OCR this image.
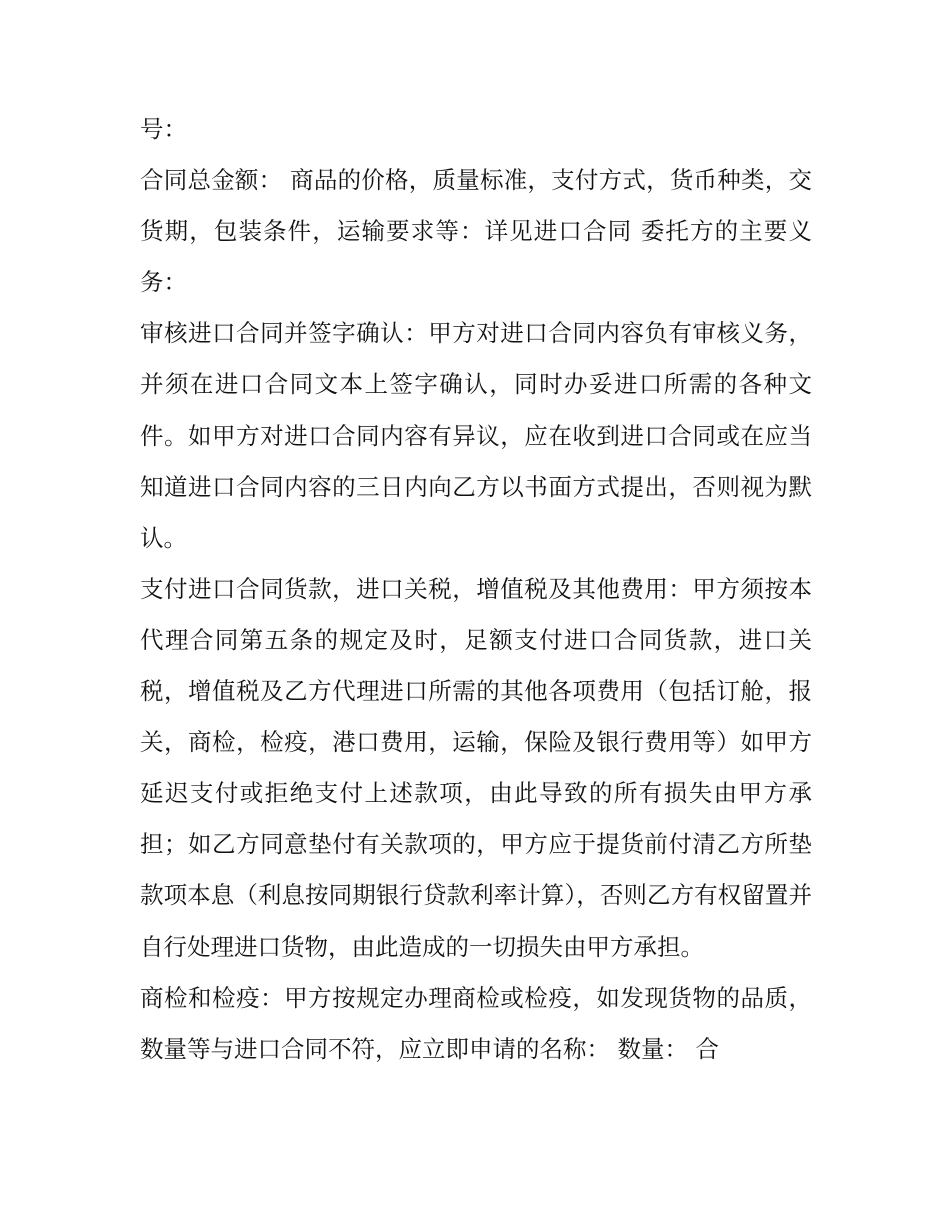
号：

合同总金额： 商品的价格，质量标准，支付方式，货币种类，交货期，包装条件，运输要求等：详见进口合同 委托方的主要义务：

审核进口合同并签字确认：甲方对进口合同内容负有审核义务，并须在进口合同文本上签字确认，同时办妥进口所需的各种文件。如甲方对进口合同内容有异议，应在收到进口合同或在应当知道进口合同内容的三日内向乙方以书面方式提出，否则视为默认。

支付进口合同货款，进口关税，增值税及其他费用：甲方须按本代理合同第五条的规定及时，足额支付进口合同货款，进口关税，增值税及乙方代理进口所需的其他各项费用（包括订舱，报关，商检，检疫，港口费用，运输，保险及银行费用等）如甲方延迟支付或拒绝支付上述款项，由此导致的所有损失由甲方承担；如乙方同意垫付有关款项的，甲方应于提货前付清乙方所垫款项本息（利息按同期银行贷款利率计算），否则乙方有权留置并自行处理进口货物，由此造成的一切损失由甲方承担。

商检和检疫：甲方按规定办理商检或检疫，如发现货物的品质，数量等与进口合同不符，应立即申请的名称： 数量： 合
